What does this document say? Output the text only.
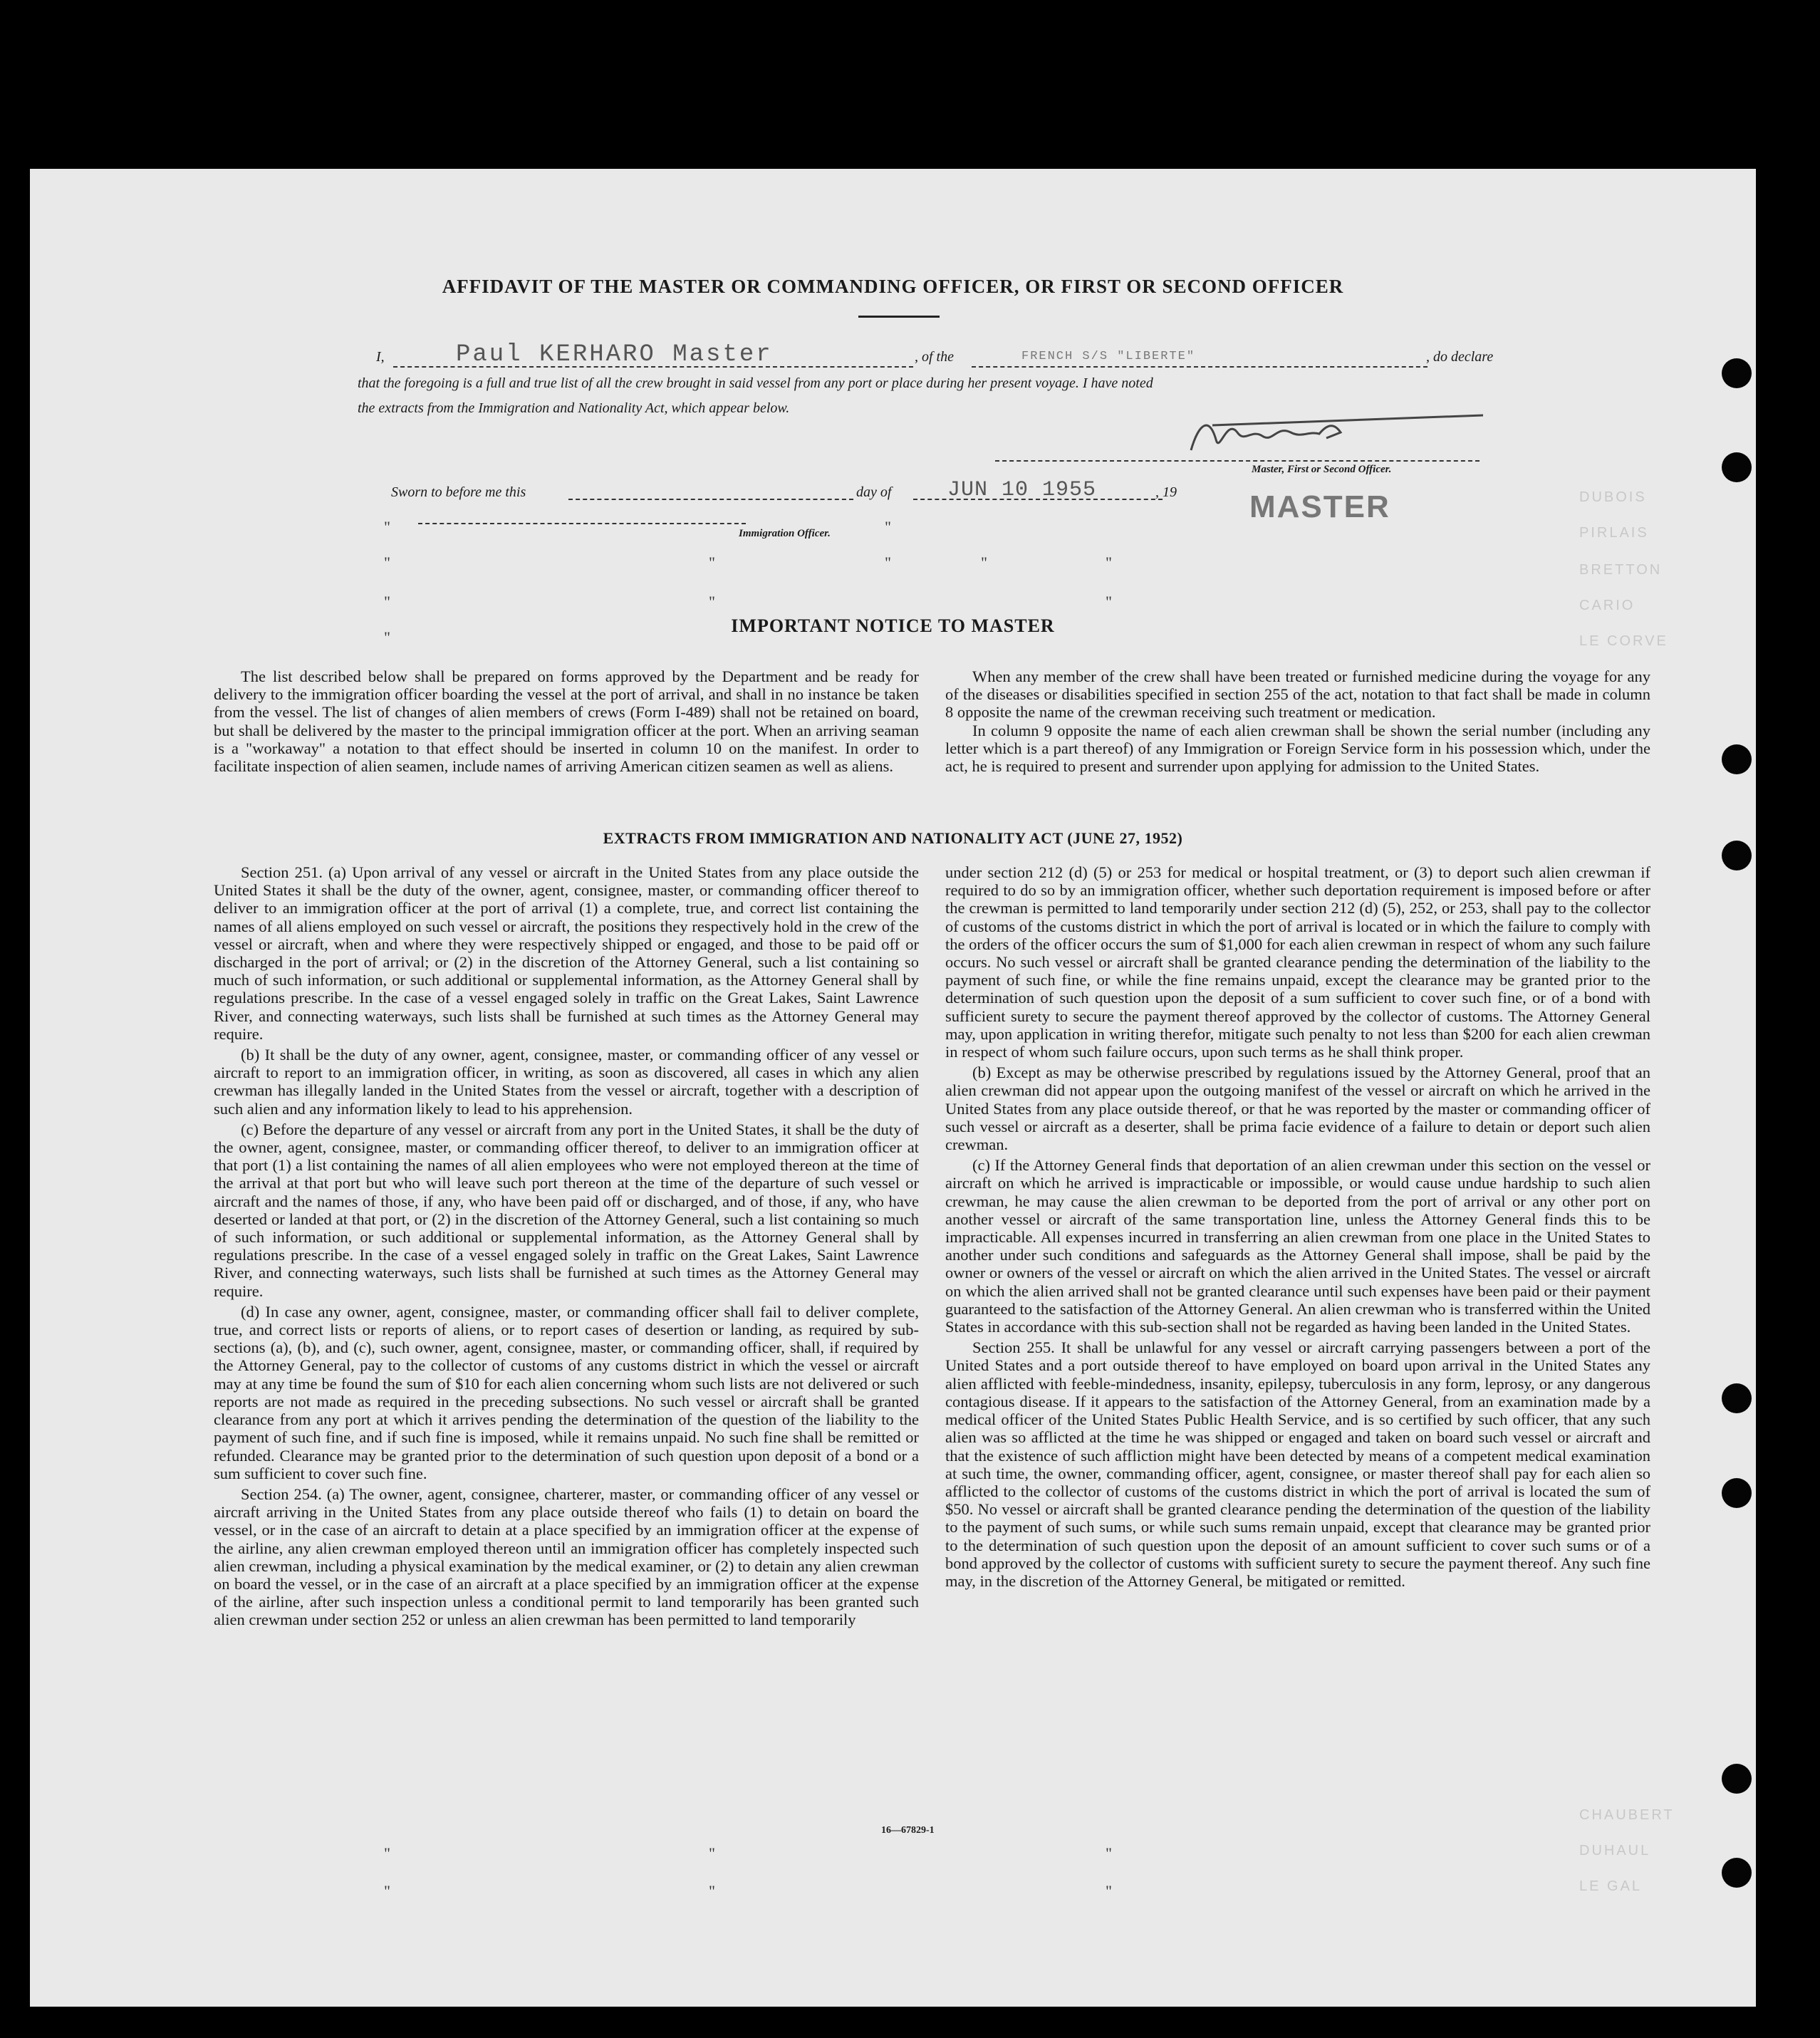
DUBOIS
PIRLAIS
BRETTON
CARIO
LE CORVE
CHAUBERT
DUHAUL
LE GAL
AFFIDAVIT OF THE MASTER OR COMMANDING OFFICER, OR FIRST OR SECOND OFFICER
I,	Paul KERHARO Master	, of the	FRENCH S/S "LIBERTE"	, do declare
that the foregoing is a full and true list of all the crew brought in said vessel from any port or place during her present voyage. I have noted
the extracts from the Immigration and Nationality Act, which appear below.
Master, First or Second Officer.
MASTER
Sworn to before me this	day of	JUN 10 1955	, 19
Immigration Officer.
"
"
"
"
"
"
"
"	"	"
"
IMPORTANT NOTICE TO MASTER

The list described below shall be prepared on forms approved by the Department and be ready for delivery to the immigration officer boarding the vessel at the port of arrival, and shall in no instance be taken from the vessel. The list of changes of alien members of crews (Form I-489) shall not be retained on board, but shall be delivered by the master to the principal immigration officer at the port. When an arriving seaman is a "workaway" a notation to that effect should be inserted in column 10 on the manifest. In order to facilitate inspection of alien seamen, include names of arriving American citizen seamen as well as aliens.

When any member of the crew shall have been treated or furnished medicine during the voyage for any of the diseases or disabilities specified in section 255 of the act, notation to that fact shall be made in column 8 opposite the name of the crewman receiving such treatment or medication.

In column 9 opposite the name of each alien crewman shall be shown the serial number (including any letter which is a part thereof) of any Immigration or Foreign Service form in his possession which, under the act, he is required to present and surrender upon applying for admission to the United States.

EXTRACTS FROM IMMIGRATION AND NATIONALITY ACT (JUNE 27, 1952)

Section 251. (a) Upon arrival of any vessel or aircraft in the United States from any place outside the United States it shall be the duty of the owner, agent, consignee, master, or commanding officer thereof to deliver to an immigration officer at the port of arrival (1) a complete, true, and correct list containing the names of all aliens employed on such vessel or aircraft, the positions they respectively hold in the crew of the vessel or aircraft, when and where they were respectively shipped or engaged, and those to be paid off or discharged in the port of arrival; or (2) in the discretion of the Attorney General, such a list containing so much of such information, or such additional or supplemental information, as the Attorney General shall by regulations prescribe. In the case of a vessel engaged solely in traffic on the Great Lakes, Saint Lawrence River, and connecting waterways, such lists shall be furnished at such times as the Attorney General may require.

(b) It shall be the duty of any owner, agent, consignee, master, or commanding officer of any vessel or aircraft to report to an immigration officer, in writing, as soon as discovered, all cases in which any alien crewman has illegally landed in the United States from the vessel or aircraft, together with a description of such alien and any information likely to lead to his apprehension.

(c) Before the departure of any vessel or aircraft from any port in the United States, it shall be the duty of the owner, agent, consignee, master, or commanding officer thereof, to deliver to an immigration officer at that port (1) a list containing the names of all alien employees who were not employed thereon at the time of the arrival at that port but who will leave such port thereon at the time of the departure of such vessel or aircraft and the names of those, if any, who have been paid off or discharged, and of those, if any, who have deserted or landed at that port, or (2) in the discretion of the Attorney General, such a list containing so much of such information, or such additional or supplemental information, as the Attorney General shall by regulations prescribe. In the case of a vessel engaged solely in traffic on the Great Lakes, Saint Lawrence River, and connecting waterways, such lists shall be furnished at such times as the Attorney General may require.

(d) In case any owner, agent, consignee, master, or commanding officer shall fail to deliver complete, true, and correct lists or reports of aliens, or to report cases of desertion or landing, as required by sub-sections (a), (b), and (c), such owner, agent, consignee, master, or commanding officer, shall, if required by the Attorney General, pay to the collector of customs of any customs district in which the vessel or aircraft may at any time be found the sum of $10 for each alien concerning whom such lists are not delivered or such reports are not made as required in the preceding subsections. No such vessel or aircraft shall be granted clearance from any port at which it arrives pending the determination of the question of the liability to the payment of such fine, and if such fine is imposed, while it remains unpaid. No such fine shall be remitted or refunded. Clearance may be granted prior to the determination of such question upon deposit of a bond or a sum sufficient to cover such fine.

Section 254. (a) The owner, agent, consignee, charterer, master, or commanding officer of any vessel or aircraft arriving in the United States from any place outside thereof who fails (1) to detain on board the vessel, or in the case of an aircraft to detain at a place specified by an immigration officer at the expense of the airline, any alien crewman employed thereon until an immigration officer has completely inspected such alien crewman, including a physical examination by the medical examiner, or (2) to detain any alien crewman on board the vessel, or in the case of an aircraft at a place specified by an immigration officer at the expense of the airline, after such inspection unless a conditional permit to land temporarily has been granted such alien crewman under section 252 or unless an alien crewman has been permitted to land temporarily

under section 212 (d) (5) or 253 for medical or hospital treatment, or (3) to deport such alien crewman if required to do so by an immigration officer, whether such deportation requirement is imposed before or after the crewman is permitted to land temporarily under section 212 (d) (5), 252, or 253, shall pay to the collector of customs of the customs district in which the port of arrival is located or in which the failure to comply with the orders of the officer occurs the sum of $1,000 for each alien crewman in respect of whom any such failure occurs. No such vessel or aircraft shall be granted clearance pending the determination of the liability to the payment of such fine, or while the fine remains unpaid, except the clearance may be granted prior to the determination of such question upon the deposit of a sum sufficient to cover such fine, or of a bond with sufficient surety to secure the payment thereof approved by the collector of customs. The Attorney General may, upon application in writing therefor, mitigate such penalty to not less than $200 for each alien crewman in respect of whom such failure occurs, upon such terms as he shall think proper.

(b) Except as may be otherwise prescribed by regulations issued by the Attorney General, proof that an alien crewman did not appear upon the outgoing manifest of the vessel or aircraft on which he arrived in the United States from any place outside thereof, or that he was reported by the master or commanding officer of such vessel or aircraft as a deserter, shall be prima facie evidence of a failure to detain or deport such alien crewman.

(c) If the Attorney General finds that deportation of an alien crewman under this section on the vessel or aircraft on which he arrived is impracticable or impossible, or would cause undue hardship to such alien crewman, he may cause the alien crewman to be deported from the port of arrival or any other port on another vessel or aircraft of the same transportation line, unless the Attorney General finds this to be impracticable. All expenses incurred in transferring an alien crewman from one place in the United States to another under such conditions and safeguards as the Attorney General shall impose, shall be paid by the owner or owners of the vessel or aircraft on which the alien arrived in the United States. The vessel or aircraft on which the alien arrived shall not be granted clearance until such expenses have been paid or their payment guaranteed to the satisfaction of the Attorney General. An alien crewman who is transferred within the United States in accordance with this sub-section shall not be regarded as having been landed in the United States.

Section 255. It shall be unlawful for any vessel or aircraft carrying passengers between a port of the United States and a port outside thereof to have employed on board upon arrival in the United States any alien afflicted with feeble-mindedness, insanity, epilepsy, tuberculosis in any form, leprosy, or any dangerous contagious disease. If it appears to the satisfaction of the Attorney General, from an examination made by a medical officer of the United States Public Health Service, and is so certified by such officer, that any such alien was so afflicted at the time he was shipped or engaged and taken on board such vessel or aircraft and that the existence of such affliction might have been detected by means of a competent medical examination at such time, the owner, commanding officer, agent, consignee, or master thereof shall pay for each alien so afflicted to the collector of customs of the customs district in which the port of arrival is located the sum of $50. No vessel or aircraft shall be granted clearance pending the determination of the question of the liability to the payment of such sums, or while such sums remain unpaid, except that clearance may be granted prior to the determination of such question upon the deposit of an amount sufficient to cover such sums or of a bond approved by the collector of customs with sufficient surety to secure the payment thereof. Any such fine may, in the discretion of the Attorney General, be mitigated or remitted.

16—67829-1
"
"
"
"
"
"
